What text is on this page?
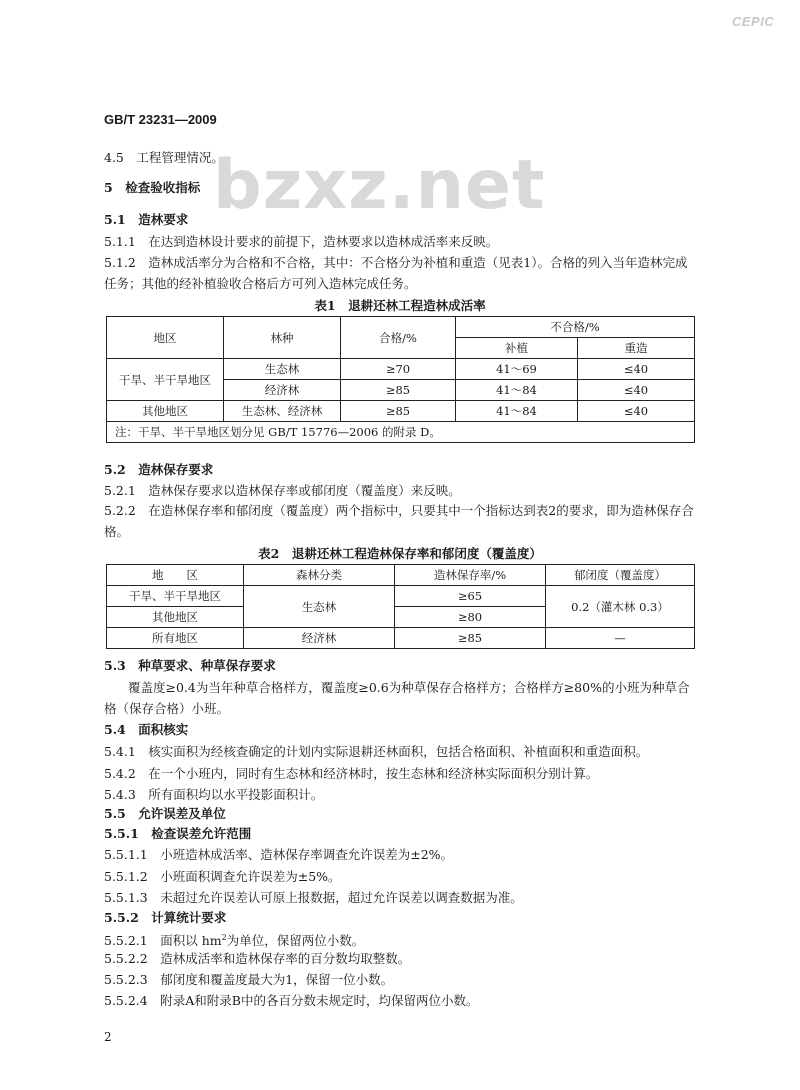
CEPIC
bzxz.net
GB/T 23231—2009
4.5　工程管理情况。
5　检查验收指标
5.1　造林要求
5.1.1　在达到造林设计要求的前提下，造林要求以造林成活率来反映。
5.1.2　造林成活率分为合格和不合格，其中：不合格分为补植和重造（见表1）。合格的列入当年造林完成任务；其他的经补植验收合格后方可列入造林完成任务。
表1　退耕还林工程造林成活率
地区	林种	合格/%	不合格/%	
			补植	重造
干旱、半干旱地区	生态林	≥70	41～69	≤40
	经济林	≥85	41～84	≤40
其他地区	生态林、经济林	≥85	41～84	≤40
注：干旱、半干旱地区划分见 GB/T 15776—2006 的附录 D。				
5.2　造林保存要求
5.2.1　造林保存要求以造林保存率或郁闭度（覆盖度）来反映。
5.2.2　在造林保存率和郁闭度（覆盖度）两个指标中，只要其中一个指标达到表2的要求，即为造林保存合格。
表2　退耕还林工程造林保存率和郁闭度（覆盖度）
地　　区	森林分类	造林保存率/%	郁闭度（覆盖度）
干旱、半干旱地区	生态林	≥65	0.2（灌木林 0.3）
其他地区		≥80	
所有地区	经济林	≥85	—
5.3　种草要求、种草保存要求
覆盖度≥0.4为当年种草合格样方，覆盖度≥0.6为种草保存合格样方；合格样方≥80%的小班为种草合格（保存合格）小班。
5.4　面积核实
5.4.1　核实面积为经核查确定的计划内实际退耕还林面积，包括合格面积、补植面积和重造面积。
5.4.2　在一个小班内，同时有生态林和经济林时，按生态林和经济林实际面积分别计算。
5.4.3　所有面积均以水平投影面积计。
5.5　允许误差及单位
5.5.1　检查误差允许范围
5.5.1.1　小班造林成活率、造林保存率调查允许误差为±2%。
5.5.1.2　小班面积调查允许误差为±5%。
5.5.1.3　未超过允许误差认可原上报数据，超过允许误差以调查数据为准。
5.5.2　计算统计要求
5.5.2.1　面积以 $hm^2$为单位，保留两位小数。
5.5.2.2　造林成活率和造林保存率的百分数均取整数。
5.5.2.3　郁闭度和覆盖度最大为1，保留一位小数。
5.5.2.4　附录A和附录B中的各百分数未规定时，均保留两位小数。
2
